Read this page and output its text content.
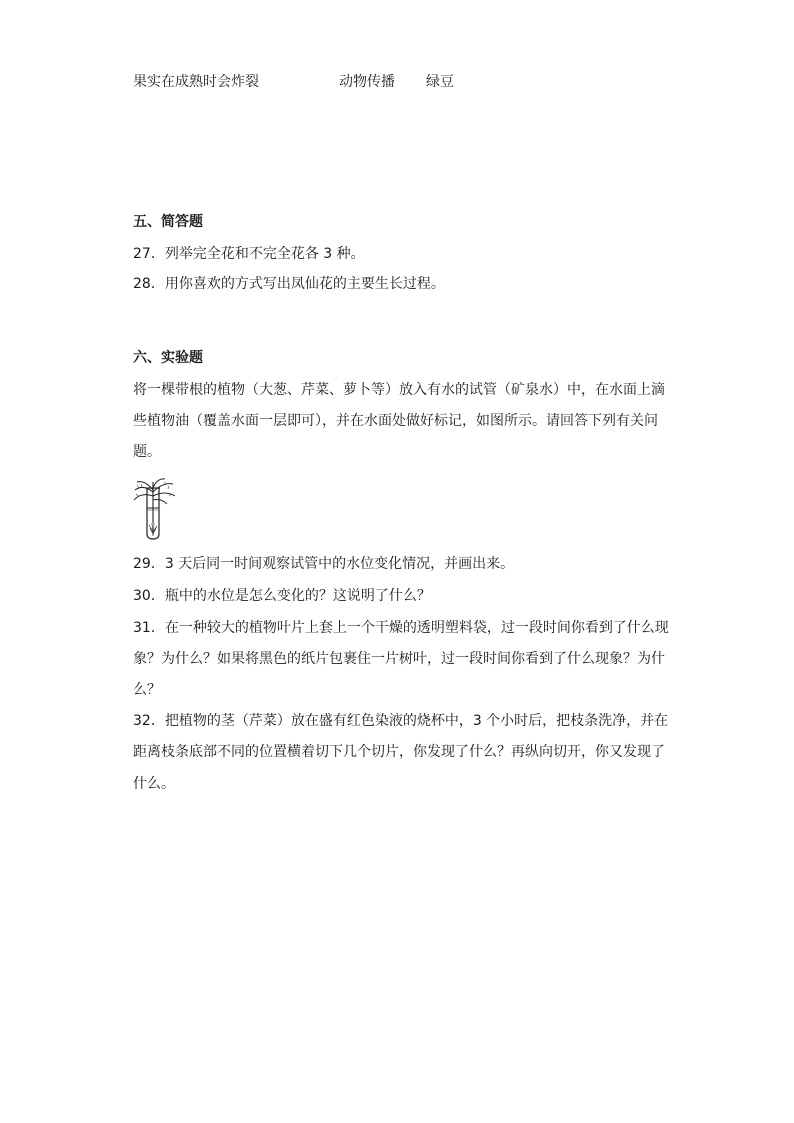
果实在成熟时会炸裂	动物传播 绿豆
五、简答题
27．列举完全花和不完全花各 3 种。
28．用你喜欢的方式写出凤仙花的主要生长过程。
六、实验题
将一棵带根的植物（大葱、芹菜、萝卜等）放入有水的试管（矿泉水）中，在水面上滴
些植物油（覆盖水面一层即可），并在水面处做好标记，如图所示。请回答下列有关问
题。
29．3 天后同一时间观察试管中的水位变化情况，并画出来。
30．瓶中的水位是怎么变化的？这说明了什么？
31．在一种较大的植物叶片上套上一个干燥的透明塑料袋，过一段时间你看到了什么现
象？为什么？如果将黑色的纸片包裹住一片树叶，过一段时间你看到了什么现象？为什
么？
32．把植物的茎（芹菜）放在盛有红色染液的烧杯中，3 个小时后，把枝条洗净，并在
距离枝条底部不同的位置横着切下几个切片，你发现了什么？再纵向切开，你又发现了
什么。
